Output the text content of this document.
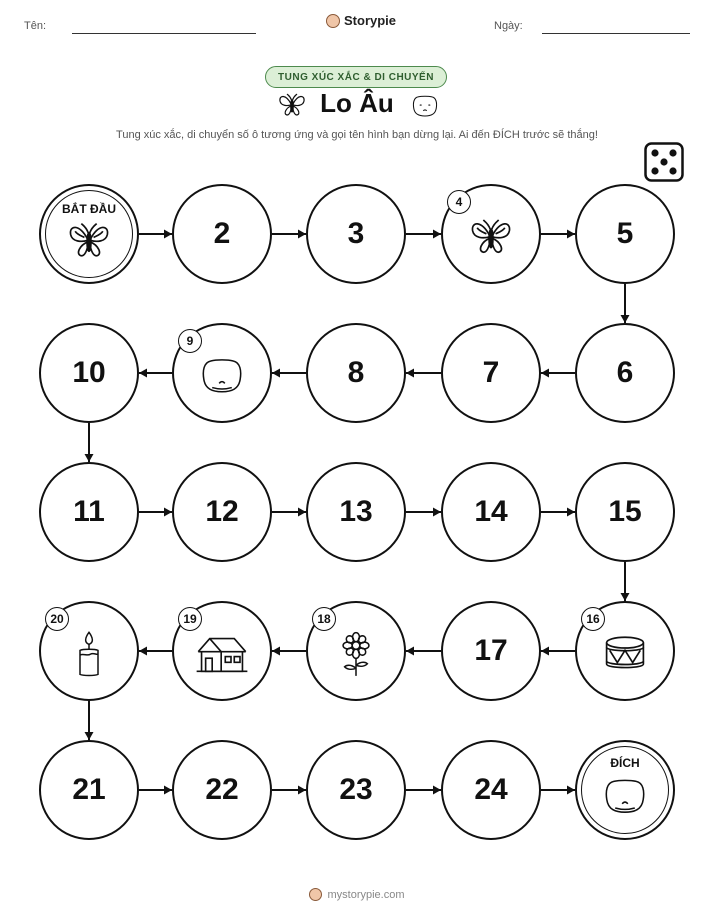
Tên:	Storypie	Ngày:
TUNG XÚC XẮC & DI CHUYỂN
Lo Âu
Tung xúc xắc, di chuyển số ô tương ứng và gọi tên hình bạn dừng lại. Ai đến ĐÍCH trước sẽ thắng!
BẮT ĐẦU
2	3
4
5
6
7
8
9
10
11	12	13	14	15
16
17
18
19
20
21	22	23	24
ĐÍCH
mystorypie.com
